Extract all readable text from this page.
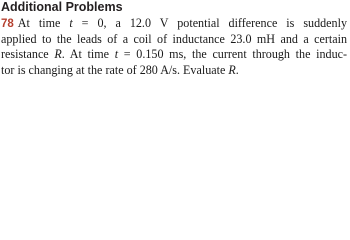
Additional Problems
78 At time t = 0, a 12.0 V potential difference is suddenly
applied to the leads of a coil of inductance 23.0 mH and a certain
resistance R. At time t = 0.150 ms, the current through the induc-
tor is changing at the rate of 280 A/s. Evaluate R.
